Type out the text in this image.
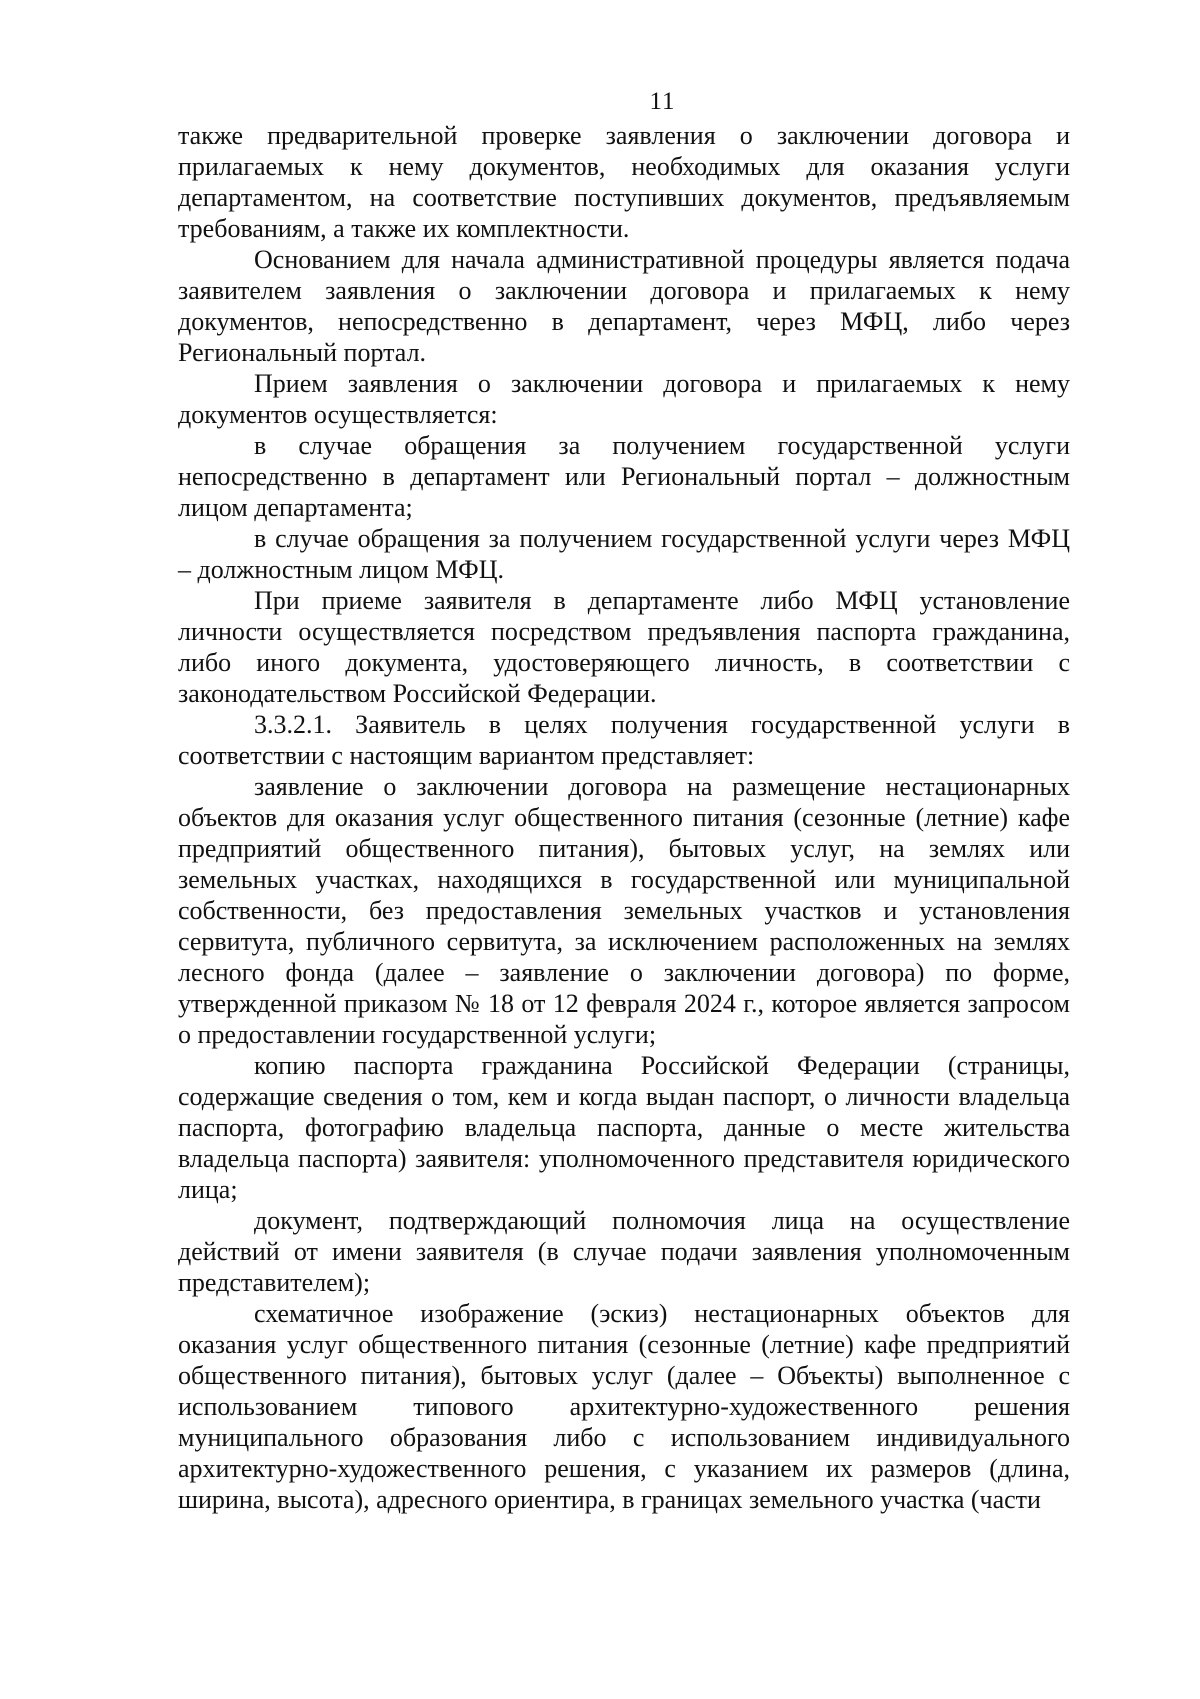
11

также предварительной проверке заявления о заключении договора и прилагаемых к нему документов, необходимых для оказания услуги департаментом, на соответствие поступивших документов, предъявляемым требованиям, а также их комплектности.

Основанием для начала административной процедуры является подача заявителем заявления о заключении договора и прилагаемых к нему документов, непосредственно в департамент, через МФЦ, либо через Региональный портал.

Прием заявления о заключении договора и прилагаемых к нему документов осуществляется:

в случае обращения за получением государственной услуги непосредственно в департамент или Региональный портал – должностным лицом департамента;

в случае обращения за получением государственной услуги через МФЦ – должностным лицом МФЦ.

При приеме заявителя в департаменте либо МФЦ установление личности осуществляется посредством предъявления паспорта гражданина, либо иного документа, удостоверяющего личность, в соответствии с законодательством Российской Федерации.

3.3.2.1. Заявитель в целях получения государственной услуги в соответствии с настоящим вариантом представляет:

заявление о заключении договора на размещение нестационарных объектов для оказания услуг общественного питания (сезонные (летние) кафе предприятий общественного питания), бытовых услуг, на землях или земельных участках, находящихся в государственной или муниципальной собственности, без предоставления земельных участков и установления сервитута, публичного сервитута, за исключением расположенных на землях лесного фонда (далее – заявление о заключении договора) по форме, утвержденной приказом № 18 от 12 февраля 2024 г., которое является запросом о предоставлении государственной услуги;

копию паспорта гражданина Российской Федерации (страницы, содержащие сведения о том, кем и когда выдан паспорт, о личности владельца паспорта, фотографию владельца паспорта, данные о месте жительства владельца паспорта) заявителя: уполномоченного представителя юридического лица;

документ, подтверждающий полномочия лица на осуществление действий от имени заявителя (в случае подачи заявления уполномоченным представителем);

схематичное изображение (эскиз) нестационарных объектов для оказания услуг общественного питания (сезонные (летние) кафе предприятий общественного питания), бытовых услуг (далее – Объекты) выполненное с использованием типового архитектурно-художественного решения муниципального образования либо с использованием индивидуального архитектурно-художественного решения, с указанием их размеров (длина, ширина, высота), адресного ориентира, в границах земельного участка (части
